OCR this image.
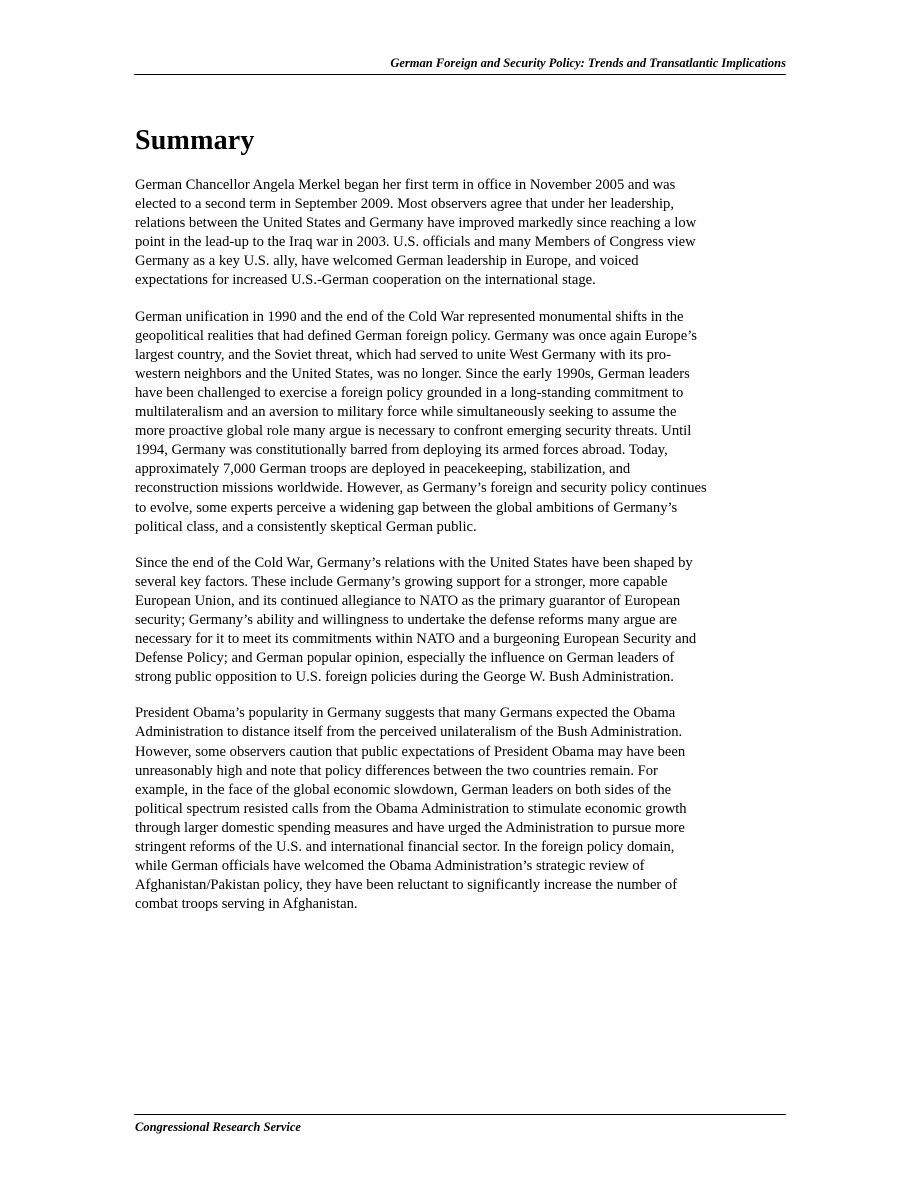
German Foreign and Security Policy: Trends and Transatlantic Implications
Summary

German Chancellor Angela Merkel began her first term in office in November 2005 and was
elected to a second term in September 2009. Most observers agree that under her leadership,
relations between the United States and Germany have improved markedly since reaching a low
point in the lead-up to the Iraq war in 2003. U.S. officials and many Members of Congress view
Germany as a key U.S. ally, have welcomed German leadership in Europe, and voiced
expectations for increased U.S.-German cooperation on the international stage.

German unification in 1990 and the end of the Cold War represented monumental shifts in the
geopolitical realities that had defined German foreign policy. Germany was once again Europe’s
largest country, and the Soviet threat, which had served to unite West Germany with its pro-
western neighbors and the United States, was no longer. Since the early 1990s, German leaders
have been challenged to exercise a foreign policy grounded in a long-standing commitment to
multilateralism and an aversion to military force while simultaneously seeking to assume the
more proactive global role many argue is necessary to confront emerging security threats. Until
1994, Germany was constitutionally barred from deploying its armed forces abroad. Today,
approximately 7,000 German troops are deployed in peacekeeping, stabilization, and
reconstruction missions worldwide. However, as Germany’s foreign and security policy continues
to evolve, some experts perceive a widening gap between the global ambitions of Germany’s
political class, and a consistently skeptical German public.

Since the end of the Cold War, Germany’s relations with the United States have been shaped by
several key factors. These include Germany’s growing support for a stronger, more capable
European Union, and its continued allegiance to NATO as the primary guarantor of European
security; Germany’s ability and willingness to undertake the defense reforms many argue are
necessary for it to meet its commitments within NATO and a burgeoning European Security and
Defense Policy; and German popular opinion, especially the influence on German leaders of
strong public opposition to U.S. foreign policies during the George W. Bush Administration.

President Obama’s popularity in Germany suggests that many Germans expected the Obama
Administration to distance itself from the perceived unilateralism of the Bush Administration.
However, some observers caution that public expectations of President Obama may have been
unreasonably high and note that policy differences between the two countries remain. For
example, in the face of the global economic slowdown, German leaders on both sides of the
political spectrum resisted calls from the Obama Administration to stimulate economic growth
through larger domestic spending measures and have urged the Administration to pursue more
stringent reforms of the U.S. and international financial sector. In the foreign policy domain,
while German officials have welcomed the Obama Administration’s strategic review of
Afghanistan/Pakistan policy, they have been reluctant to significantly increase the number of
combat troops serving in Afghanistan.

Congressional Research Service
